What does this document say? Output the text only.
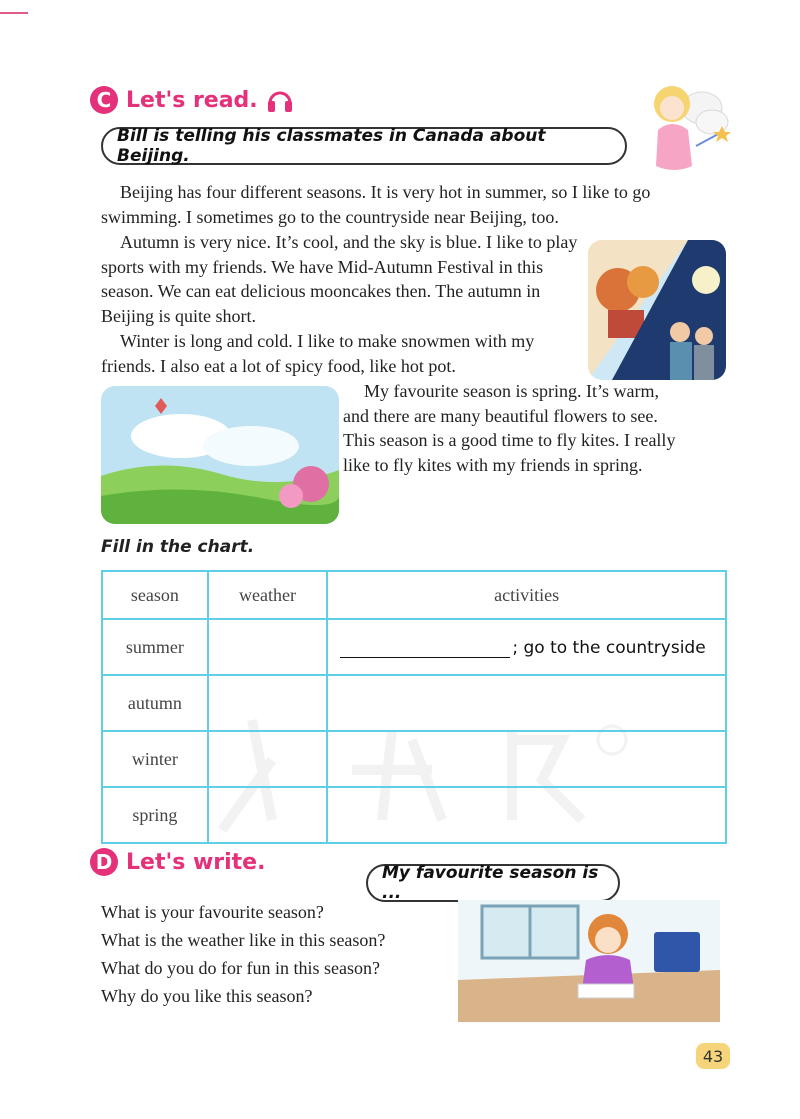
C Let's read.
Bill is telling his classmates in Canada about Beijing.

Beijing has four different seasons. It is very hot in summer, so I like to go swimming. I sometimes go to the countryside near Beijing, too.

Autumn is very nice. It’s cool, and the sky is blue. I like to play sports with my friends. We have Mid-Autumn Festival in this season. We can eat delicious mooncakes then. The autumn in Beijing is quite short.

Winter is long and cold. I like to make snowmen with my friends. I also eat a lot of spicy food, like hot pot.

My favourite season is spring. It’s warm, and there are many beautiful flowers to see. This season is a good time to fly kites. I really like to fly kites with my friends in spring.

Fill in the chart.
season	weather	activities
summer		; go to the countryside
autumn		
winter		
spring		
D Let's write.	My favourite season is ...
What is your favourite season?
What is the weather like in this season?
What do you do for fun in this season?
Why do you like this season?
43
